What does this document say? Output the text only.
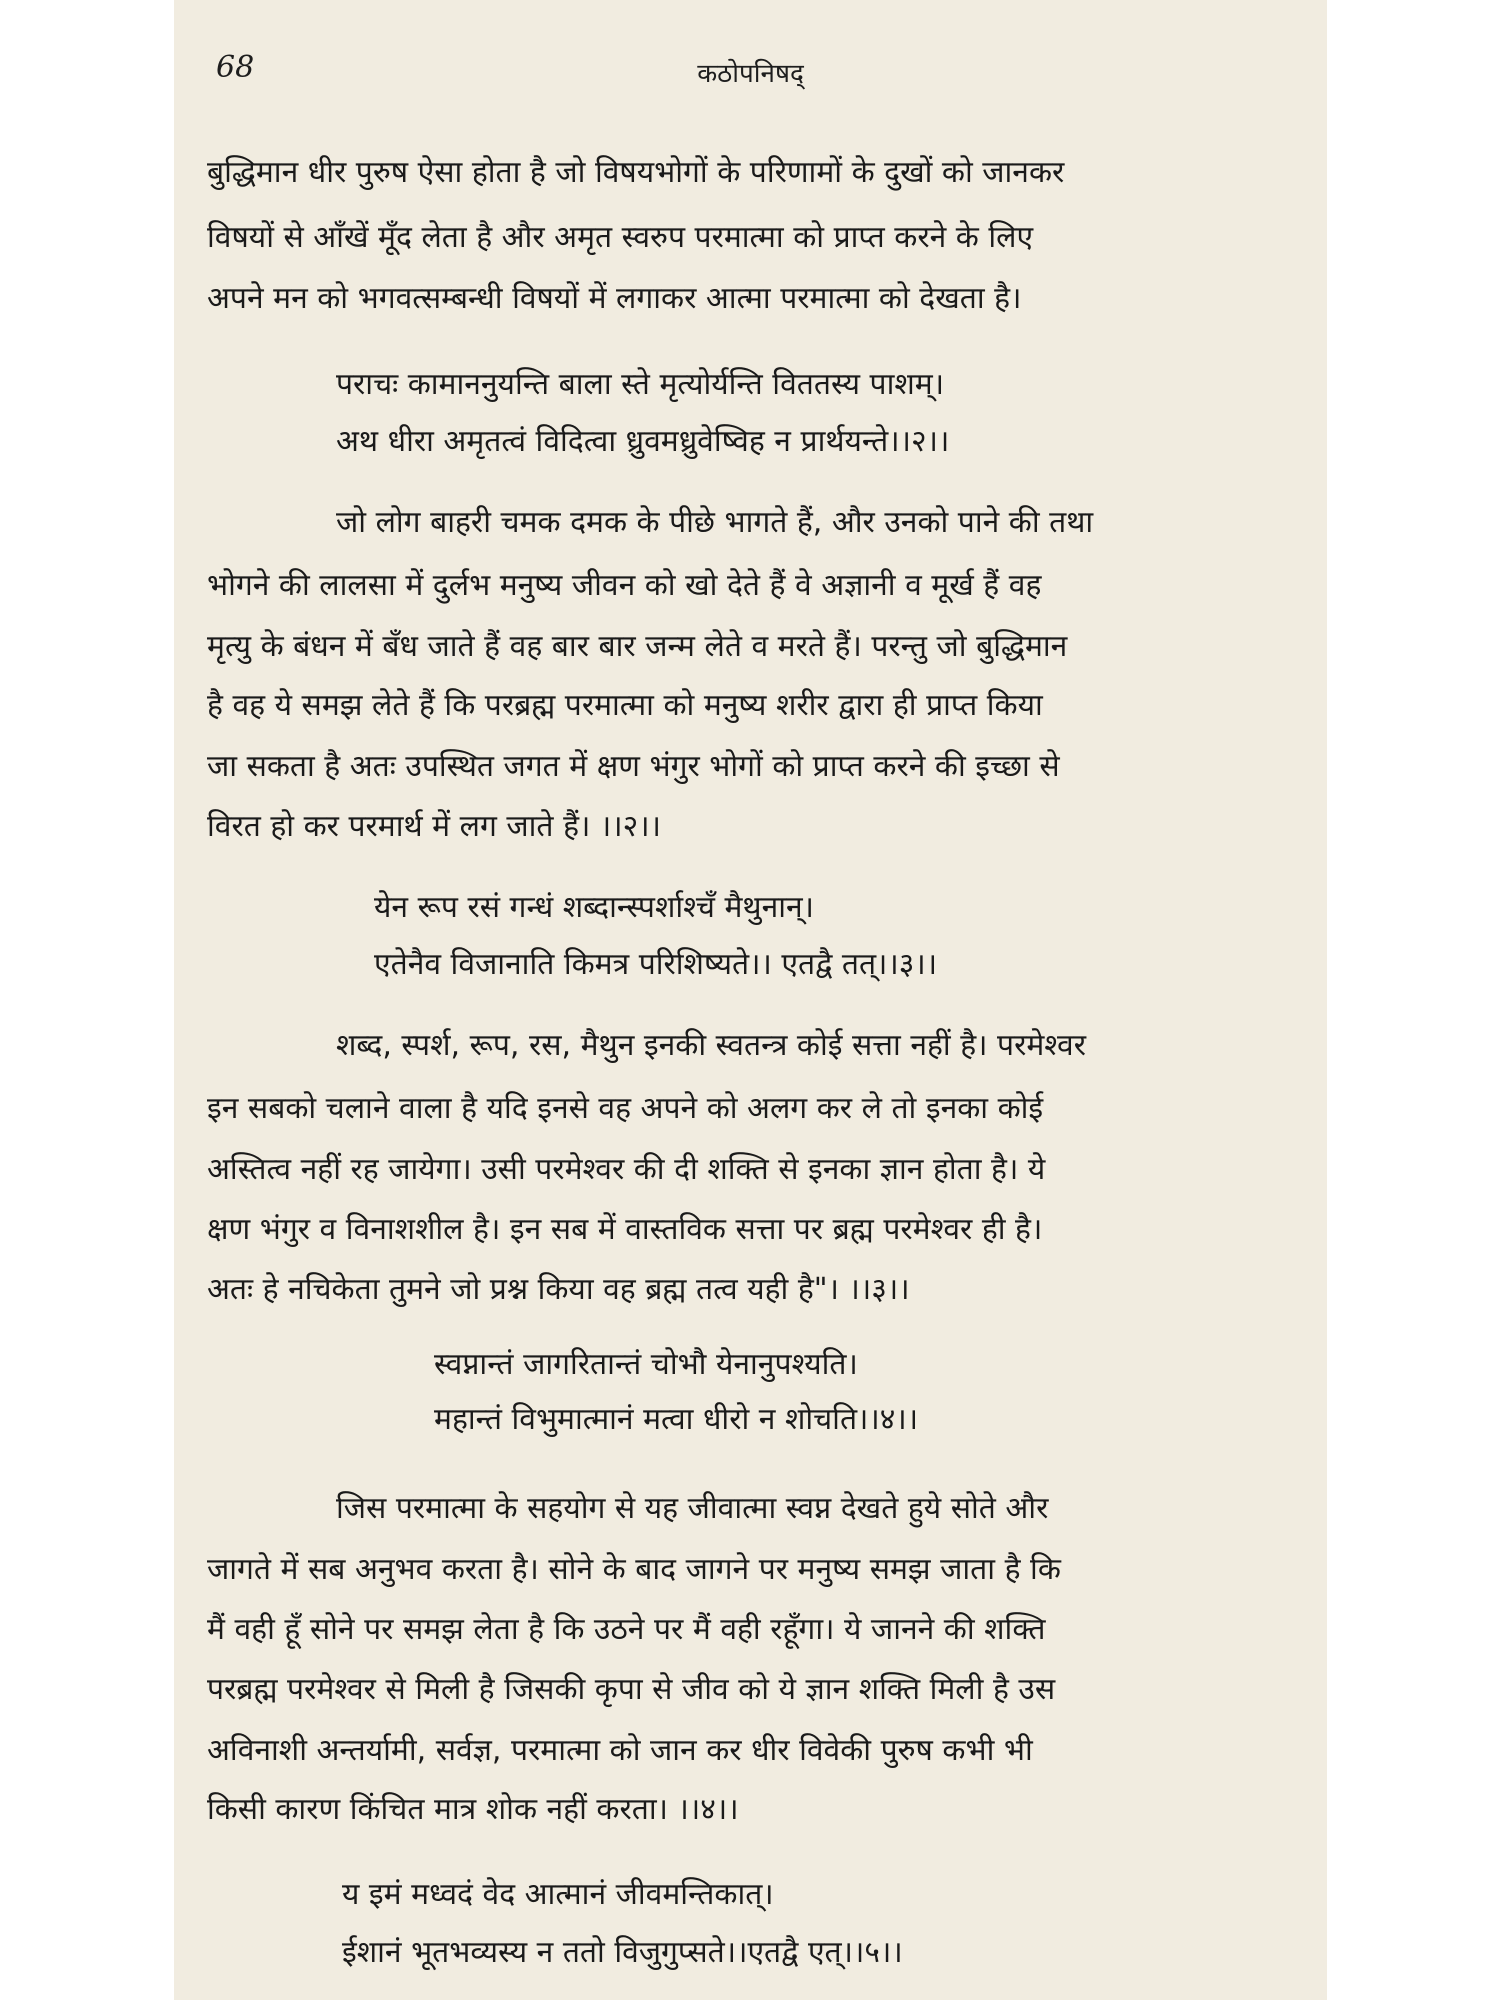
68	कठोपनिषद्

बुद्धिमान धीर पुरुष ऐसा होता है जो विषयभोगों के परिणामों के दुखों को जानकर

विषयों से आँखें मूँद लेता है और अमृत स्वरुप परमात्मा को प्राप्त करने के लिए

अपने मन को भगवत्सम्बन्धी विषयों में लगाकर आत्मा परमात्मा को देखता है।

पराचः कामाननुयन्ति बाला स्ते मृत्योर्यन्ति विततस्य पाशम्।

अथ धीरा अमृतत्वं विदित्वा ध्रुवमध्रुवेष्विह न प्रार्थयन्ते।।२।।

जो लोग बाहरी चमक दमक के पीछे भागते हैं, और उनको पाने की तथा

भोगने की लालसा में दुर्लभ मनुष्य जीवन को खो देते हैं वे अज्ञानी व मूर्ख हैं वह

मृत्यु के बंधन में बँध जाते हैं वह बार बार जन्म लेते व मरते हैं। परन्तु जो बुद्धिमान

है वह ये समझ लेते हैं कि परब्रह्म परमात्मा को मनुष्य शरीर द्वारा ही प्राप्त किया

जा सकता है अतः उपस्थित जगत में क्षण भंगुर भोगों को प्राप्त करने की इच्छा से

विरत हो कर परमार्थ में लग जाते हैं। ।।२।।

येन रूप रसं गन्धं शब्दान्स्पर्शाश्चँ मैथुनान्।

एतेनैव विजानाति किमत्र परिशिष्यते।। एतद्वै तत्।।३।।

शब्द, स्पर्श, रूप, रस, मैथुन इनकी स्वतन्त्र कोई सत्ता नहीं है। परमेश्वर

इन सबको चलाने वाला है यदि इनसे वह अपने को अलग कर ले तो इनका कोई

अस्तित्व नहीं रह जायेगा। उसी परमेश्वर की दी शक्ति से इनका ज्ञान होता है। ये

क्षण भंगुर व विनाशशील है। इन सब में वास्तविक सत्ता पर ब्रह्म परमेश्वर ही है।

अतः हे नचिकेता तुमने जो प्रश्न किया वह ब्रह्म तत्व यही है"। ।।३।।

स्वप्नान्तं जागरितान्तं चोभौ येनानुपश्यति।

महान्तं विभुमात्मानं मत्वा धीरो न शोचति।।४।।

जिस परमात्मा के सहयोग से यह जीवात्मा स्वप्न देखते हुये सोते और

जागते में सब अनुभव करता है। सोने के बाद जागने पर मनुष्य समझ जाता है कि

मैं वही हूँ सोने पर समझ लेता है कि उठने पर मैं वही रहूँगा। ये जानने की शक्ति

परब्रह्म परमेश्वर से मिली है जिसकी कृपा से जीव को ये ज्ञान शक्ति मिली है उस

अविनाशी अन्तर्यामी, सर्वज्ञ, परमात्मा को जान कर धीर विवेकी पुरुष कभी भी

किसी कारण किंचित मात्र शोक नहीं करता। ।।४।।

य इमं मध्वदं वेद आत्मानं जीवमन्तिकात्।

ईशानं भूतभव्यस्य न ततो विजुगुप्सते।।एतद्वै एत्।।५।।
